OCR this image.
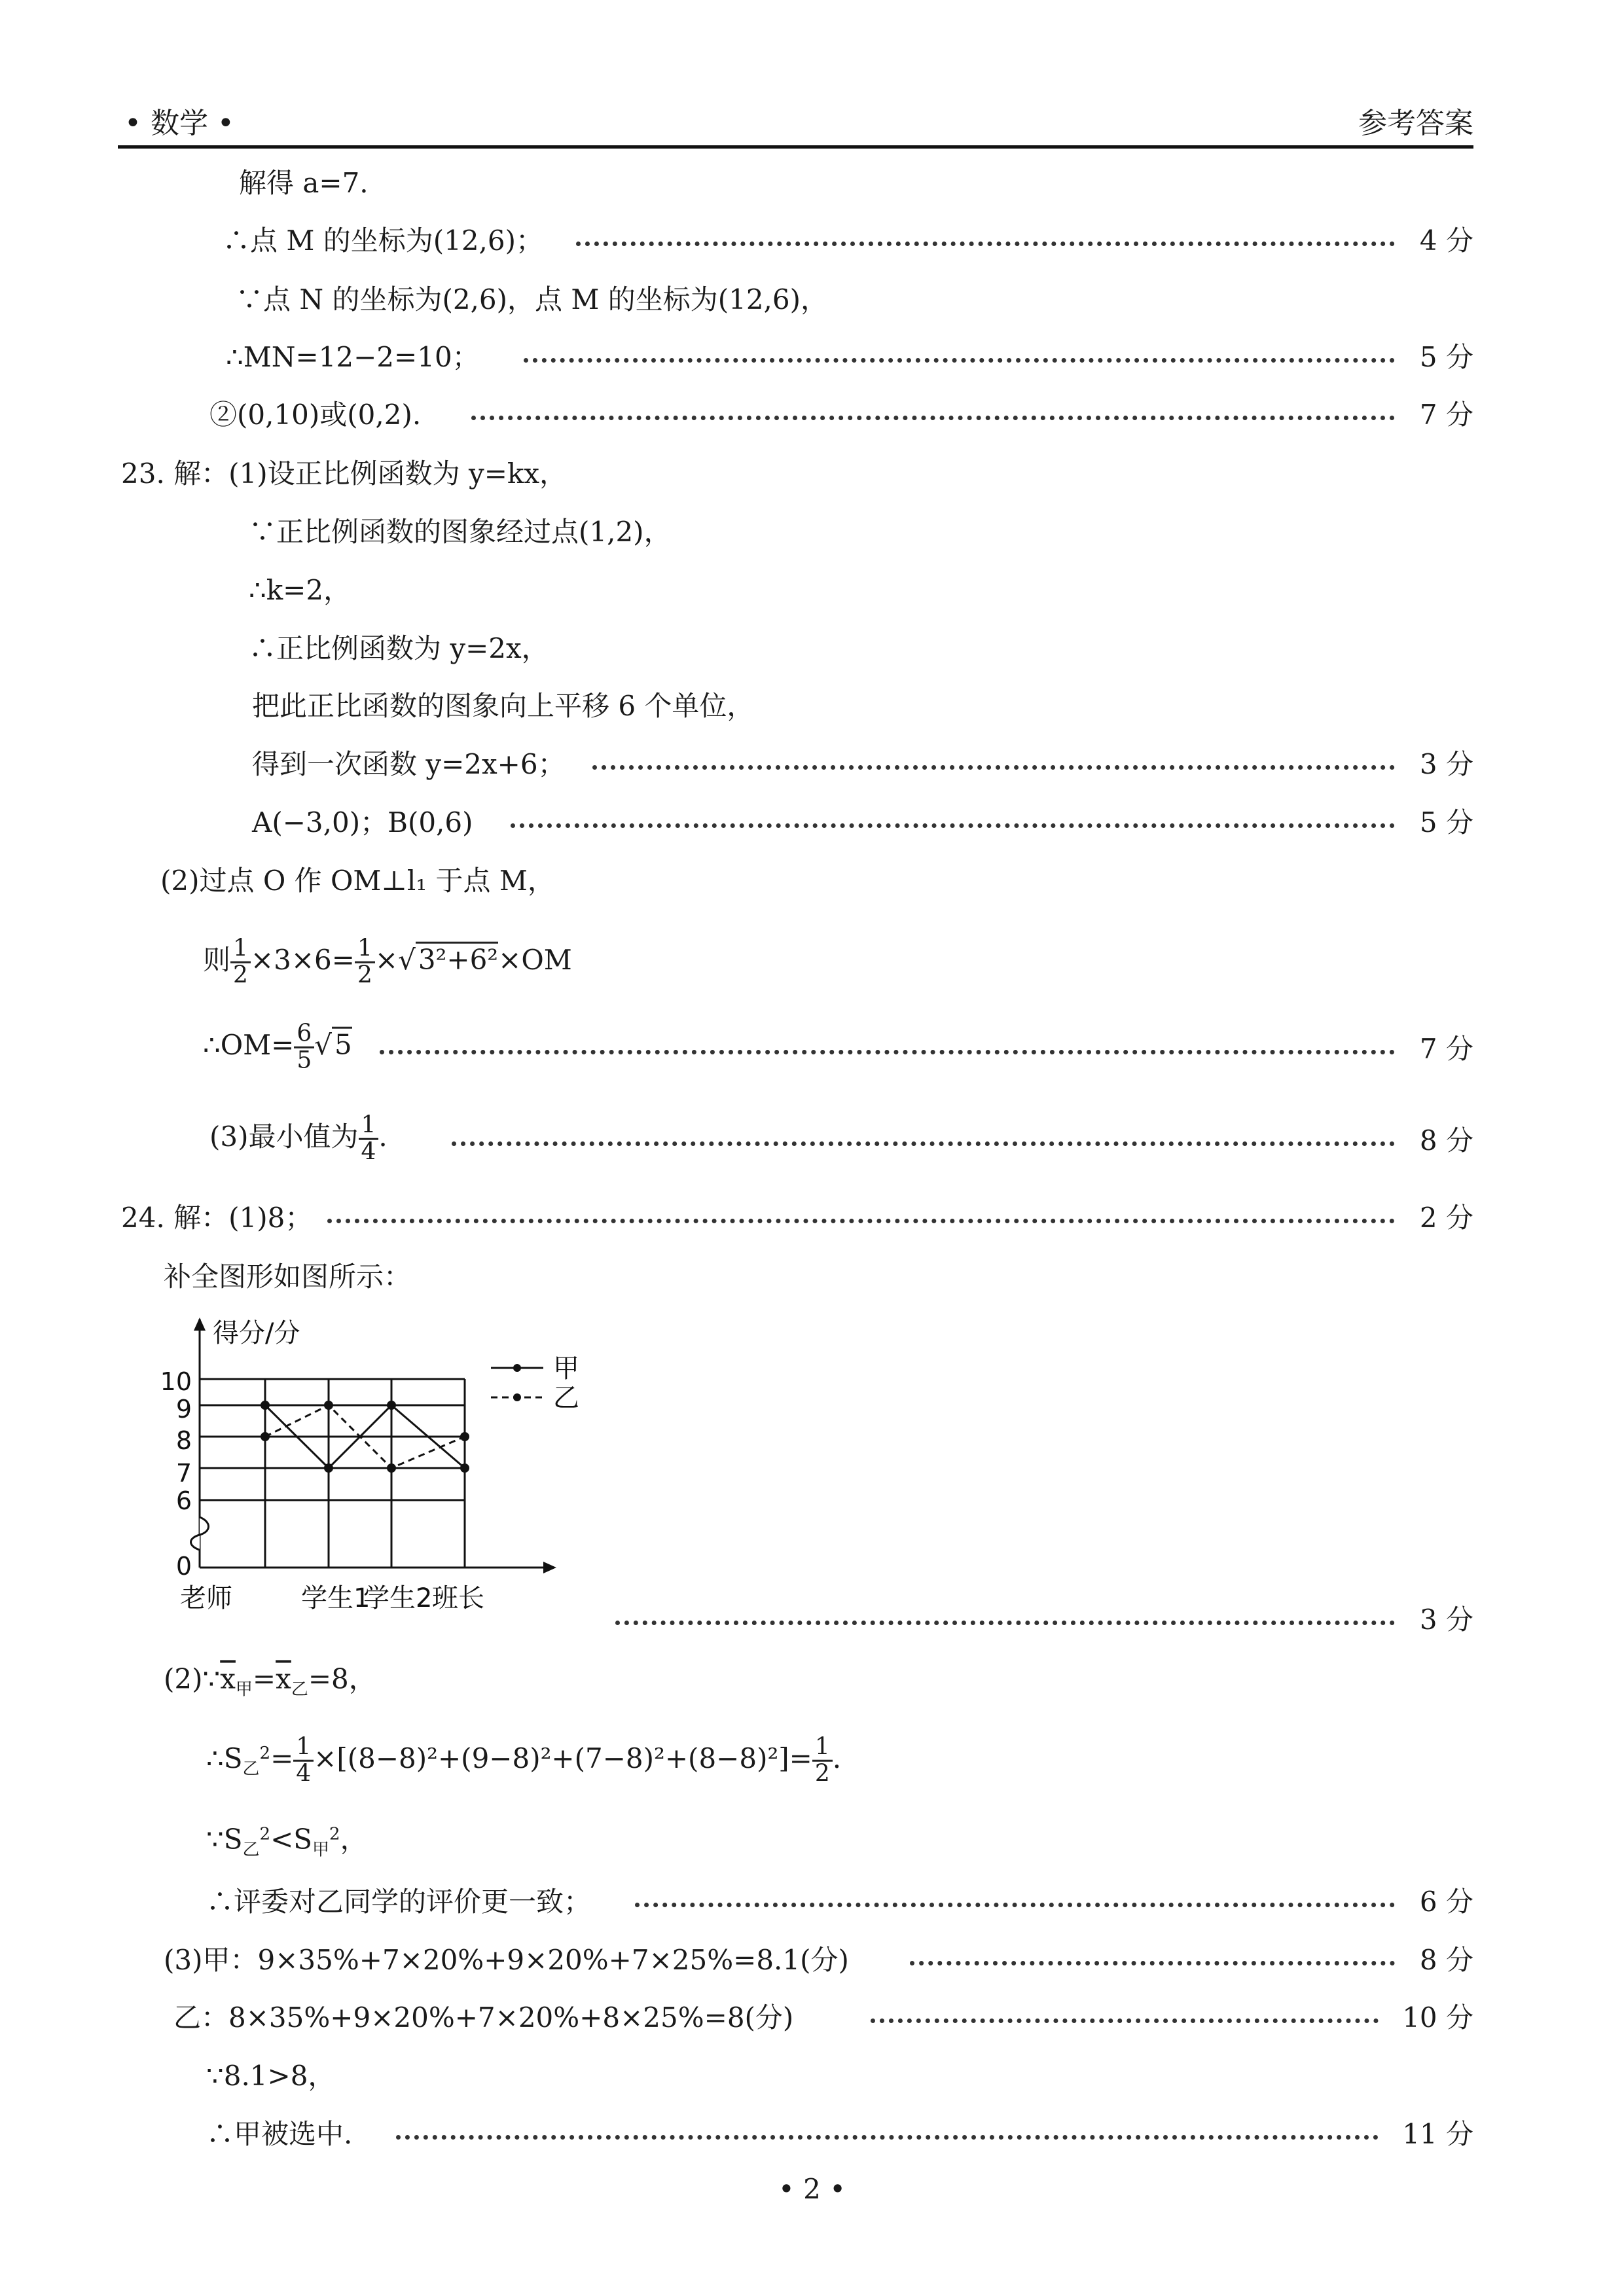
• 数学 •	参考答案
解得 a=7.
∴点 M 的坐标为(12,6)；	4 分
∵点 N 的坐标为(2,6)，点 M 的坐标为(12,6)，
∴MN=12−2=10；	5 分
②(0,10)或(0,2).	7 分
23. 解：(1)设正比例函数为 y=kx，
∵正比例函数的图象经过点(1,2)，
∴k=2，
∴正比例函数为 y=2x，
把此正比函数的图象向上平移 6 个单位，
得到一次函数 y=2x+6；	3 分
A(−3,0)；B(0,6)	5 分
(2)过点 O 作 OM⊥l₁ 于点 M，
则 $\frac{1}{2} \times 3\times 6= \frac{1}{2} \times√3^2+6^2\times OM$
∴OM= $\frac{6}{5} √5$	7 分
(3)最小值为 $\frac{1}{4}$ .	8 分
24. 解：(1)8；	2 分
补全图形如图所示：
0
6
7
8
9
10
得分/分
老师	学生1
学生2 班长
甲
乙
3 分
$(2)\because\overline{x}_甲=\overline{x}_乙=8$，
$\therefore S_乙^2= \frac{1}{4} \times[(8-8)^2+(9-8)^2+(7-8)^2+(8-8)^2]= \frac{1}{2}$ .
$\because S_乙^2<S_甲^2$，
∴评委对乙同学的评价更一致；	6 分
(3)甲：9×35%+7×20%+9×20%+7×25%=8.1(分)	8 分
乙：8×35%+9×20%+7×20%+8×25%=8(分)	10 分
∵8.1>8，
∴甲被选中.	11 分
• 2 •
